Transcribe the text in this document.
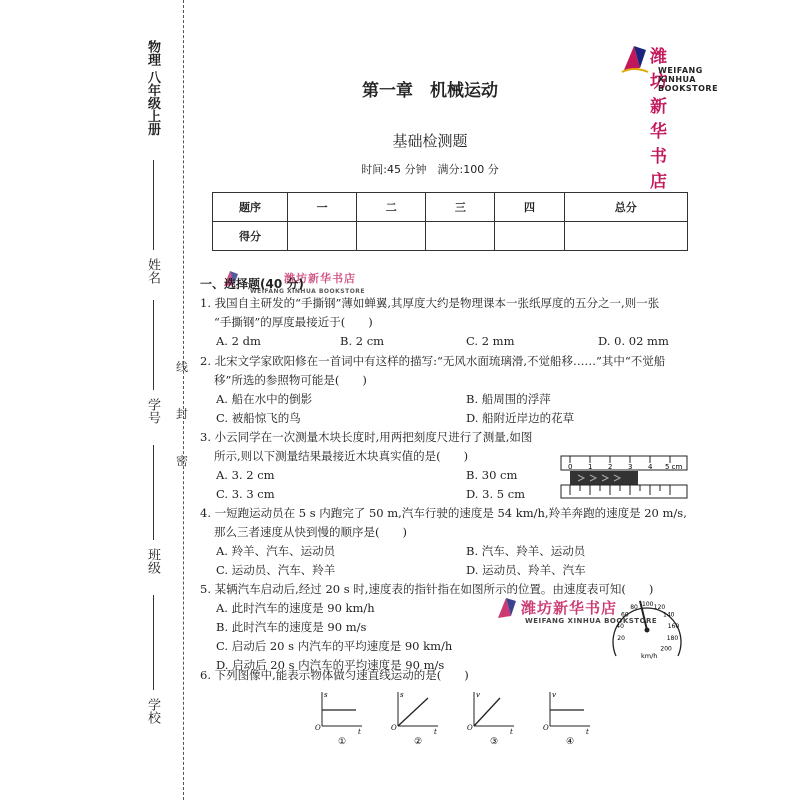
物理 八年级上册
姓名
学号
班级
学校
线
封
密
潍坊新华书店
WEIFANG XINHUA BOOKSTORE
第一章　机械运动
基础检测题
时间:45 分钟　满分:100 分
题序	一	二	三	四	总分
得分					
潍坊新华书店
WEIFANG XINHUA BOOKSTORE
一、选择题(40 分)
1. 我国自主研发的“手撕钢”薄如蝉翼,其厚度大约是物理课本一张纸厚度的五分之一,则一张
“手撕钢”的厚度最接近于(　　)
A. 2 dm	B. 2 cm	C. 2 mm	D. 0. 02 mm
2. 北宋文学家欧阳修在一首词中有这样的描写:“无风水面琉璃滑,不觉船移……”其中“不觉船
移”所选的参照物可能是(　　)
A. 船在水中的倒影	B. 船周围的浮萍
C. 被船惊飞的鸟	D. 船附近岸边的花草
3. 小云同学在一次测量木块长度时,用两把刻度尺进行了测量,如图
所示,则以下测量结果最接近木块真实值的是(　　)
A. 3. 2 cm	B. 30 cm
C. 3. 3 cm	D. 3. 5 cm
0 1 2 3 4 5 cm
4. 一短跑运动员在 5 s 内跑完了 50 m,汽车行驶的速度是 54 km/h,羚羊奔跑的速度是 20 m/s,
那么三者速度从快到慢的顺序是(　　)
A. 羚羊、汽车、运动员	B. 汽车、羚羊、运动员
C. 运动员、汽车、羚羊	D. 运动员、羚羊、汽车
5. 某辆汽车启动后,经过 20 s 时,速度表的指针指在如图所示的位置。由速度表可知(　　)
A. 此时汽车的速度是 90 km/h
B. 此时汽车的速度是 90 m/s
C. 启动后 20 s 内汽车的平均速度是 90 km/h
D. 启动后 20 s 内汽车的平均速度是 90 m/s
潍坊新华书店
WEIFANG XINHUA BOOKSTORE
20
40
60
80 100 120
140
160
180
200
km/h
6. 下列图像中,能表示物体做匀速直线运动的是(　　)
O
s
t
①
O
s
t
②
O
v
t
③
O
v
t
④
